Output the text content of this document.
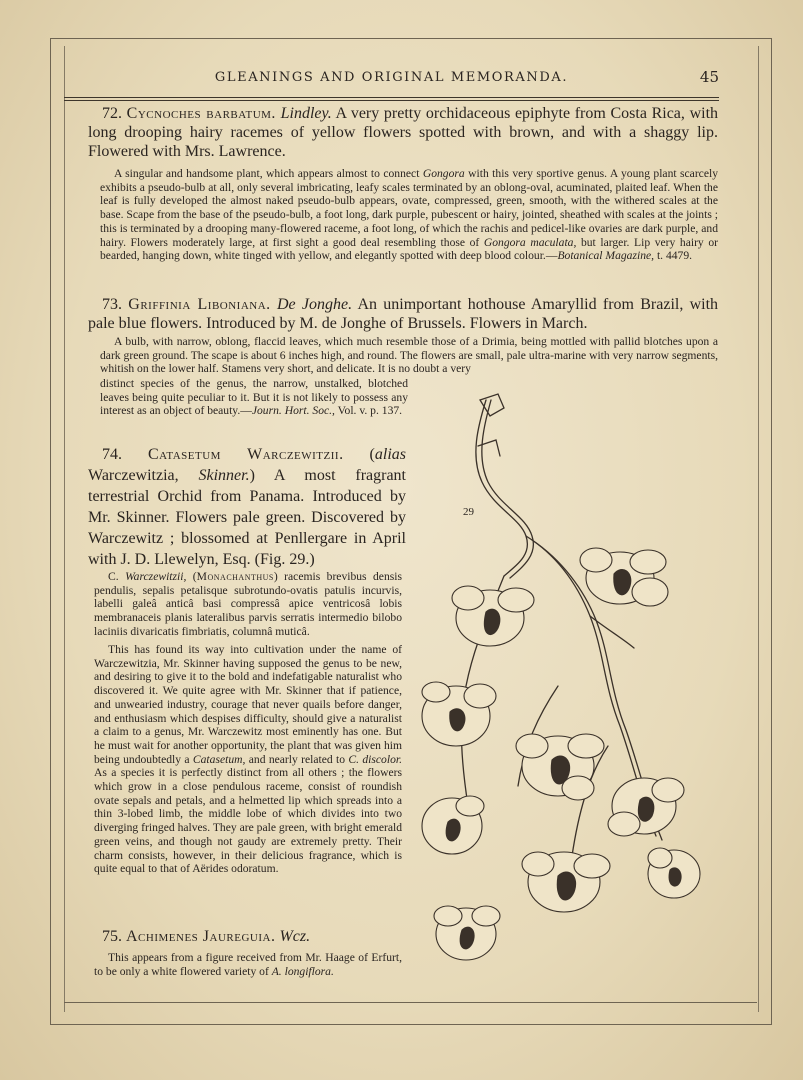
GLEANINGS AND ORIGINAL MEMORANDA.	45
72. Cycnoches barbatum. Lindley. A very pretty orchidaceous epiphyte from Costa Rica, with long drooping hairy racemes of yellow flowers spotted with brown, and with a shaggy lip. Flowered with Mrs. Lawrence.
A singular and handsome plant, which appears almost to connect Gongora with this very sportive genus. A young plant scarcely exhibits a pseudo-bulb at all, only several imbricating, leafy scales terminated by an oblong-oval, acuminated, plaited leaf. When the leaf is fully developed the almost naked pseudo-bulb appears, ovate, compressed, green, smooth, with the withered scales at the base. Scape from the base of the pseudo-bulb, a foot long, dark purple, pubescent or hairy, jointed, sheathed with scales at the joints ; this is terminated by a drooping many-flowered raceme, a foot long, of which the rachis and pedicel-like ovaries are dark purple, and hairy. Flowers moderately large, at first sight a good deal resembling those of Gongora maculata, but larger. Lip very hairy or bearded, hanging down, white tinged with yellow, and elegantly spotted with deep blood colour.—Botanical Magazine, t. 4479.
73. Griffinia Liboniana. De Jonghe. An unimportant hothouse Amaryllid from Brazil, with pale blue flowers. Introduced by M. de Jonghe of Brussels. Flowers in March.
A bulb, with narrow, oblong, flaccid leaves, which much resemble those of a Drimia, being mottled with pallid blotches upon a dark green ground. The scape is about 6 inches high, and round. The flowers are small, pale ultra-marine with very narrow segments, whitish on the lower half. Stamens very short, and delicate. It is no doubt a very
distinct species of the genus, the narrow, unstalked, blotched leaves being quite peculiar to it. But it is not likely to possess any interest as an object of beauty.—Journ. Hort. Soc., Vol. v. p. 137.
74. Catasetum Warczewitzii. (alias Warczewitzia, Skinner.) A most fragrant terrestrial Orchid from Panama. Introduced by Mr. Skinner. Flowers pale green. Discovered by Warczewitz ; blossomed at Penllergare in April with J. D. Llewelyn, Esq. (Fig. 29.)
C. Warczewitzii, (Monachanthus) racemis brevibus densis pendulis, sepalis petalisque subrotundo-ovatis patulis incurvis, labelli galeâ anticâ basi compressâ apice ventricosâ lobis membranaceis planis lateralibus parvis serratis intermedio bilobo laciniis divaricatis fimbriatis, columnâ muticâ.
This has found its way into cultivation under the name of Warczewitzia, Mr. Skinner having supposed the genus to be new, and desiring to give it to the bold and indefatigable naturalist who discovered it. We quite agree with Mr. Skinner that if patience, and unwearied industry, courage that never quails before danger, and enthusiasm which despises difficulty, should give a naturalist a claim to a genus, Mr. Warczewitz most eminently has one. But he must wait for another opportunity, the plant that was given him being undoubtedly a Catasetum, and nearly related to C. discolor. As a species it is perfectly distinct from all others ; the flowers which grow in a close pendulous raceme, consist of roundish ovate sepals and petals, and a helmetted lip which spreads into a thin 3-lobed limb, the middle lobe of which divides into two diverging fringed halves. They are pale green, with bright emerald green veins, and though not gaudy are extremely pretty. Their charm consists, however, in their delicious fragrance, which is quite equal to that of Aërides odoratum.
75. Achimenes Jaureguia. Wcz.
This appears from a figure received from Mr. Haage of Erfurt, to be only a white flowered variety of A. longiflora.
29
